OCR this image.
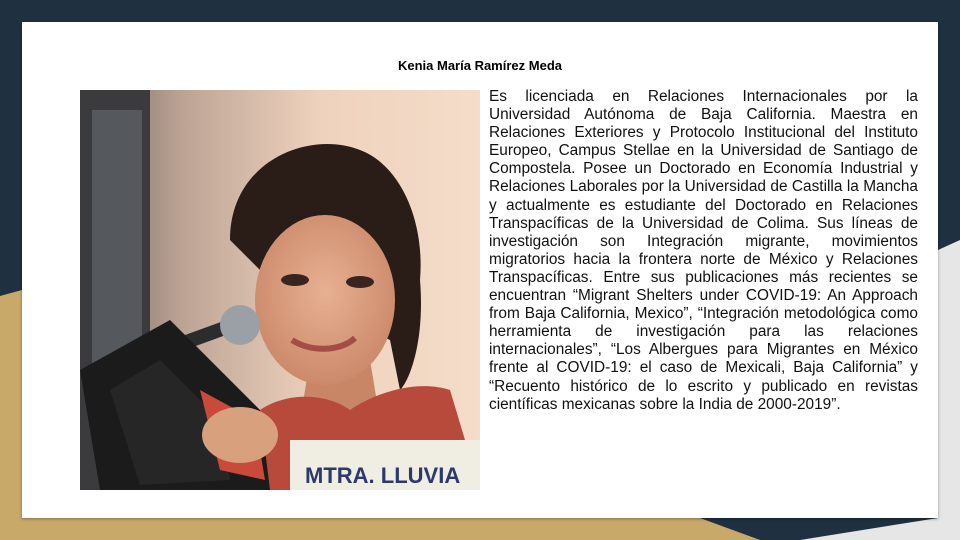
Kenia María Ramírez Meda
MTRA. LLUVIA

Es licenciada en Relaciones Internacionales por la Universidad Autónoma de Baja California. Maestra en Relaciones Exteriores y Protocolo Institucional del Instituto Europeo, Campus Stellae en la Universidad de Santiago de Compostela. Posee un Doctorado en Economía Industrial y Relaciones Laborales por la Universidad de Castilla la Mancha y actualmente es estudiante del Doctorado en Relaciones Transpacíficas de la Universidad de Colima. Sus líneas de investigación son Integración migrante, movimientos migratorios hacia la frontera norte de México y Relaciones Transpacíficas. Entre sus publicaciones más recientes se encuentran “Migrant Shelters under COVID-19: An Approach from Baja California, Mexico”, “Integración metodológica como herramienta de investigación para las relaciones internacionales”, “Los Albergues para Migrantes en México frente al COVID-19: el caso de Mexicali, Baja California” y “Recuento histórico de lo escrito y publicado en revistas científicas mexicanas sobre la India de 2000-2019”.
